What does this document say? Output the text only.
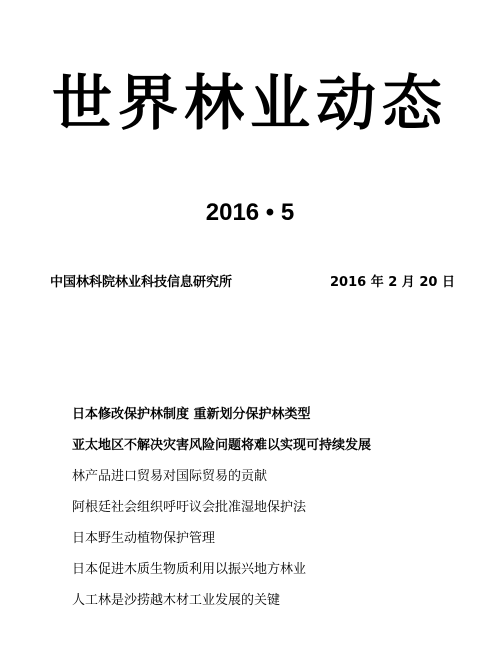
世界林业动态
2016 • 5
中国林科院林业科技信息研究所	2016 年 2 月 20 日
日本修改保护林制度 重新划分保护林类型
亚太地区不解决灾害风险问题将难以实现可持续发展
林产品进口贸易对国际贸易的贡献
阿根廷社会组织呼吁议会批准湿地保护法
日本野生动植物保护管理
日本促进木质生物质利用以振兴地方林业
人工林是沙捞越木材工业发展的关键
